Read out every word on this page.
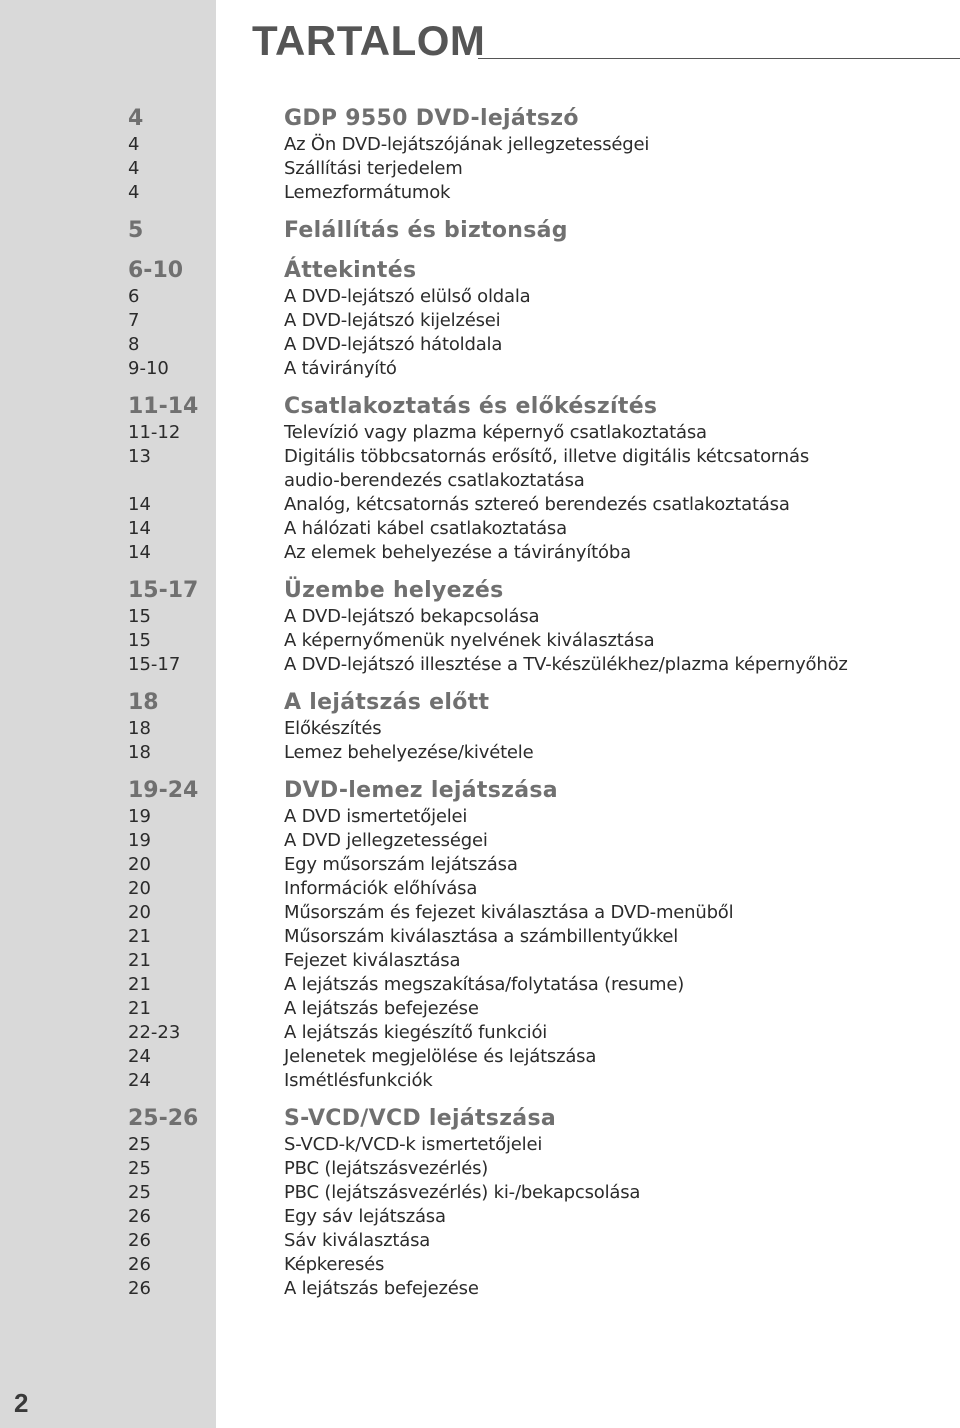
TARTALOM
4	GDP 9550 DVD-lejátszó
4	Az Ön DVD-lejátszójának jellegzetességei
4	Szállítási terjedelem
4	Lemezformátumok
5	Felállítás és biztonság
6-10	Áttekintés
6	A DVD-lejátszó elülső oldala
7	A DVD-lejátszó kijelzései
8	A DVD-lejátszó hátoldala
9-10	A távirányító
11-14	Csatlakoztatás és előkészítés
11-12	Televízió vagy plazma képernyő csatlakoztatása
13	Digitális többcsatornás erősítő, illetve digitális kétcsatornás audio-berendezés csatlakoztatása
14	Analóg, kétcsatornás sztereó berendezés csatlakoztatása
14	A hálózati kábel csatlakoztatása
14	Az elemek behelyezése a távirányítóba
15-17	Üzembe helyezés
15	A DVD-lejátszó bekapcsolása
15	A képernyőmenük nyelvének kiválasztása
15-17	A DVD-lejátszó illesztése a TV-készülékhez/plazma képernyőhöz
18	A lejátszás előtt
18	Előkészítés
18	Lemez behelyezése/kivétele
19-24	DVD-lemez lejátszása
19	A DVD ismertetőjelei
19	A DVD jellegzetességei
20	Egy műsorszám lejátszása
20	Információk előhívása
20	Műsorszám és fejezet kiválasztása a DVD-menüből
21	Műsorszám kiválasztása a számbillentyűkkel
21	Fejezet kiválasztása
21	A lejátszás megszakítása/folytatása (resume)
21	A lejátszás befejezése
22-23	A lejátszás kiegészítő funkciói
24	Jelenetek megjelölése és lejátszása
24	Ismétlésfunkciók
25-26	S-VCD/VCD lejátszása
25	S-VCD-k/VCD-k ismertetőjelei
25	PBC (lejátszásvezérlés)
25	PBC (lejátszásvezérlés) ki-/bekapcsolása
26	Egy sáv lejátszása
26	Sáv kiválasztása
26	Képkeresés
26	A lejátszás befejezése
2
